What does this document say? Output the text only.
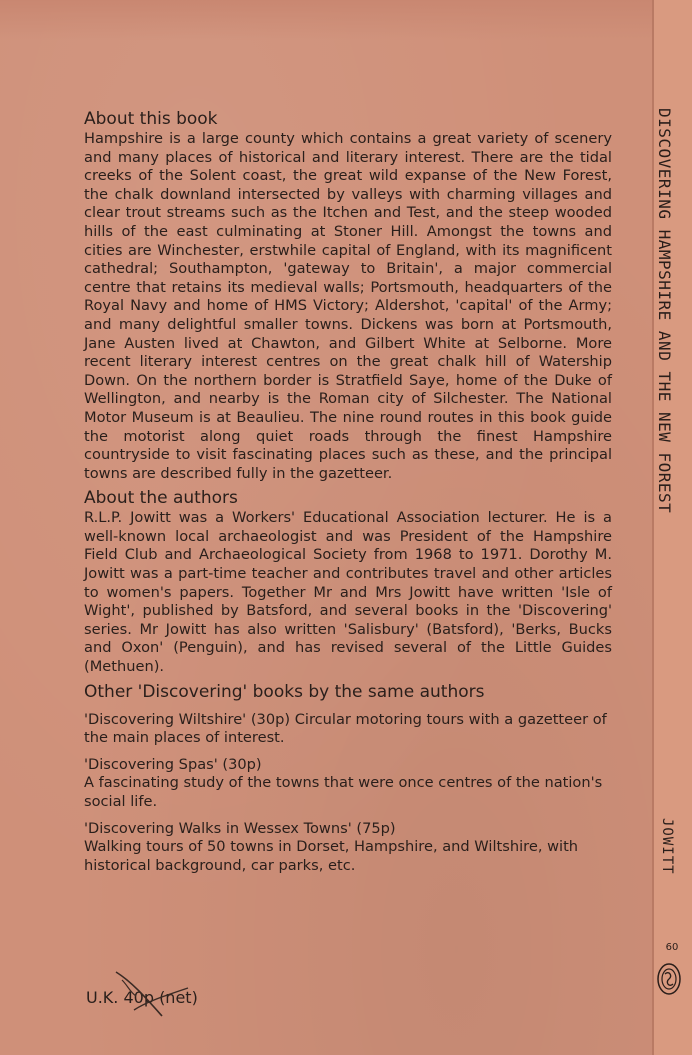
DISCOVERING HAMPSHIRE AND THE NEW FOREST
JOWITT
60
About this book

Hampshire is a large county which contains a great variety of scenery and many places of historical and literary interest. There are the tidal creeks of the Solent coast, the great wild expanse of the New Forest, the chalk downland intersected by valleys with charming villages and clear trout streams such as the Itchen and Test, and the steep wooded hills of the east culminating at Stoner Hill. Amongst the towns and cities are Winchester, erstwhile capital of England, with its magnificent cathedral; Southampton, 'gateway to Britain', a major commercial centre that retains its medieval walls; Portsmouth, headquarters of the Royal Navy and home of HMS Victory; Aldershot, 'capital' of the Army; and many delightful smaller towns. Dickens was born at Portsmouth, Jane Austen lived at Chawton, and Gilbert White at Selborne. More recent literary interest centres on the great chalk hill of Watership Down. On the northern border is Stratfield Saye, home of the Duke of Wellington, and nearby is the Roman city of Silchester. The National Motor Museum is at Beaulieu. The nine round routes in this book guide the motorist along quiet roads through the finest Hampshire countryside to visit fascinating places such as these, and the principal towns are described fully in the gazetteer.

About the authors

R.L.P. Jowitt was a Workers' Educational Association lecturer. He is a well-known local archaeologist and was President of the Hampshire Field Club and Archaeological Society from 1968 to 1971. Dorothy M. Jowitt was a part-time teacher and contributes travel and other articles to women's papers. Together Mr and Mrs Jowitt have written 'Isle of Wight', published by Batsford, and several books in the 'Discovering' series. Mr Jowitt has also written 'Salisbury' (Batsford), 'Berks, Bucks and Oxon' (Penguin), and has revised several of the Little Guides (Methuen).

Other 'Discovering' books by the same authors

'Discovering Wiltshire' (30p) Circular motoring tours with a gazetteer of the main places of interest.

'Discovering Spas' (30p)

A fascinating study of the towns that were once centres of the nation's social life.

'Discovering Walks in Wessex Towns' (75p)

Walking tours of 50 towns in Dorset, Hampshire, and Wiltshire, with historical background, car parks, etc.

U.K. 40p (net)
